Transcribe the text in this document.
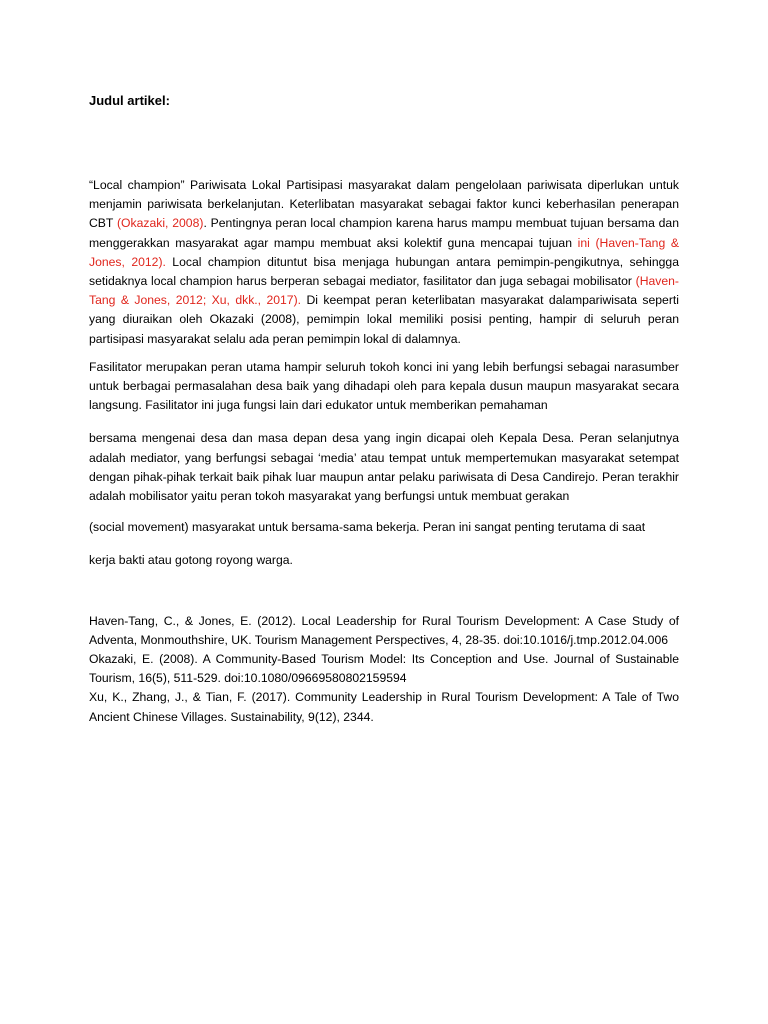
Judul artikel:

“Local champion” Pariwisata Lokal Partisipasi masyarakat dalam pengelolaan pariwisata diperlukan untuk menjamin pariwisata berkelanjutan. Keterlibatan masyarakat sebagai faktor kunci keberhasilan penerapan CBT (Okazaki, 2008). Pentingnya peran local champion karena harus mampu membuat tujuan bersama dan menggerakkan masyarakat agar mampu membuat aksi kolektif guna mencapai tujuan ini (Haven-Tang & Jones, 2012). Local champion dituntut bisa menjaga hubungan antara pemimpin-pengikutnya, sehingga setidaknya local champion harus berperan sebagai mediator, fasilitator dan juga sebagai mobilisator (Haven-Tang & Jones, 2012; Xu, dkk., 2017). Di keempat peran keterlibatan masyarakat dalampariwisata seperti yang diuraikan oleh Okazaki (2008), pemimpin lokal memiliki posisi penting, hampir di seluruh peran partisipasi masyarakat selalu ada peran pemimpin lokal di dalamnya.

Fasilitator merupakan peran utama hampir seluruh tokoh konci ini yang lebih berfungsi sebagai narasumber untuk berbagai permasalahan desa baik yang dihadapi oleh para kepala dusun maupun masyarakat secara langsung. Fasilitator ini juga fungsi lain dari edukator untuk memberikan pemahaman

bersama mengenai desa dan masa depan desa yang ingin dicapai oleh Kepala Desa. Peran selanjutnya adalah mediator, yang berfungsi sebagai ‘media’ atau tempat untuk mempertemukan masyarakat setempat dengan pihak-pihak terkait baik pihak luar maupun antar pelaku pariwisata di Desa Candirejo. Peran terakhir adalah mobilisator yaitu peran tokoh masyarakat yang berfungsi untuk membuat gerakan

(social movement) masyarakat untuk bersama-sama bekerja. Peran ini sangat penting terutama di saat

kerja bakti atau gotong royong warga.

Haven-Tang, C., & Jones, E. (2012). Local Leadership for Rural Tourism Development: A Case Study of Adventa, Monmouthshire, UK. Tourism Management Perspectives, 4, 28-35. doi:10.1016/j.tmp.2012.04.006

Okazaki, E. (2008). A Community-Based Tourism Model: Its Conception and Use. Journal of Sustainable Tourism, 16(5), 511-529. doi:10.1080/09669580802159594

Xu, K., Zhang, J., & Tian, F. (2017). Community Leadership in Rural Tourism Development: A Tale of Two Ancient Chinese Villages. Sustainability, 9(12), 2344.
